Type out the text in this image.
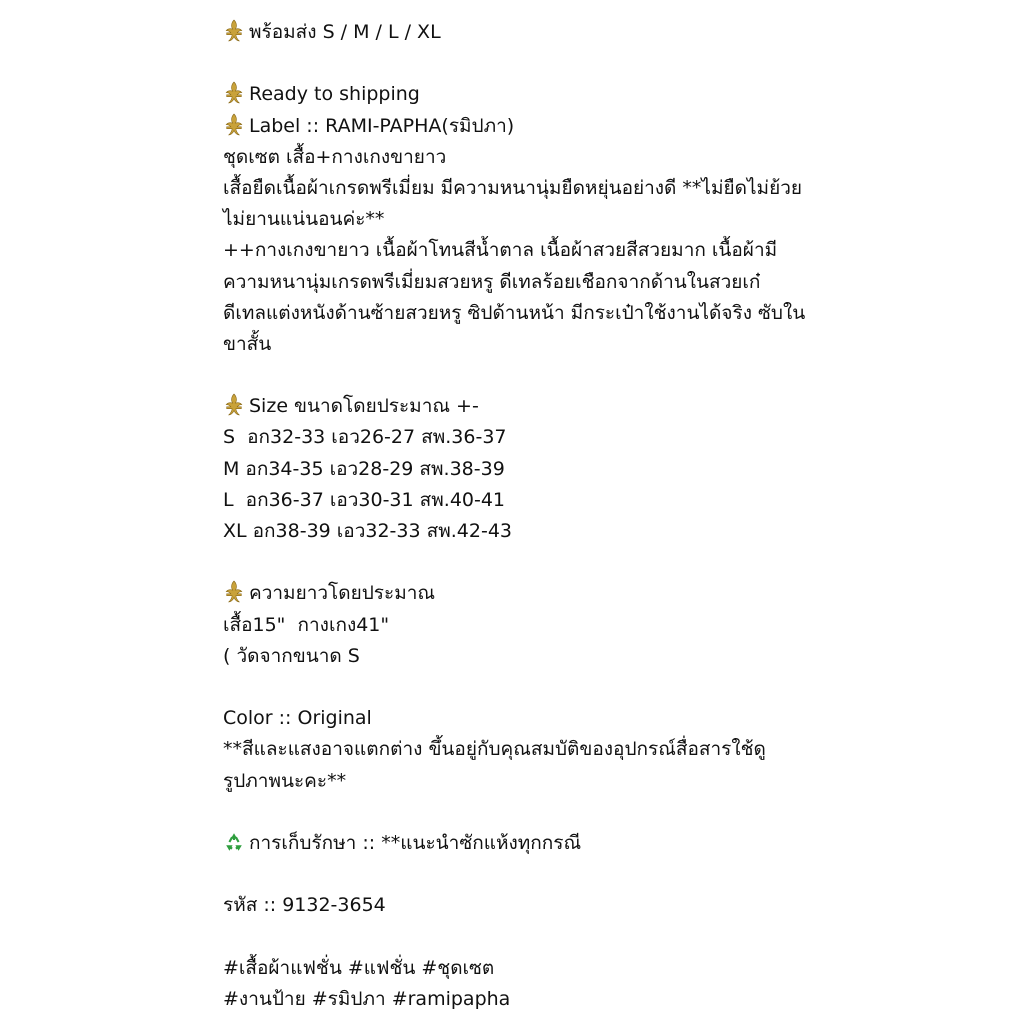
พร้อมส่ง S / M / L / XL
Ready to shipping
Label :: RAMI-PAPHA(รมิปภา)
ชุดเซต เสื้อ+กางเกงขายาว
เสื้อยืดเนื้อผ้าเกรดพรีเมี่ยม มีความหนานุ่มยืดหยุ่นอย่างดี **ไม่ยืดไม่ย้วย
ไม่ยานแน่นอนค่ะ**
++กางเกงขายาว เนื้อผ้าโทนสีน้ำตาล เนื้อผ้าสวยสีสวยมาก เนื้อผ้ามี
ความหนานุ่มเกรดพรีเมี่ยมสวยหรู ดีเทลร้อยเชือกจากด้านในสวยเก๋
ดีเทลแต่งหนังด้านซ้ายสวยหรู ซิปด้านหน้า มีกระเป๋าใช้งานได้จริง ซับใน
ขาสั้น
Size ขนาดโดยประมาณ +-
S  อก32-33 เอว26-27 สพ.36-37
M อก34-35 เอว28-29 สพ.38-39
L  อก36-37 เอว30-31 สพ.40-41
XL อก38-39 เอว32-33 สพ.42-43
ความยาวโดยประมาณ
เสื้อ15"  กางเกง41"
( วัดจากขนาด S
Color :: Original
**สีและแสงอาจแตกต่าง ขึ้นอยู่กับคุณสมบัติของอุปกรณ์สื่อสารใช้ดู
รูปภาพนะคะ**
การเก็บรักษา :: **แนะนำซักแห้งทุกกรณี
รหัส :: 9132-3654
#เสื้อผ้าแฟชั่น #แฟชั่น #ชุดเซต
#งานป้าย #รมิปภา #ramipapha
